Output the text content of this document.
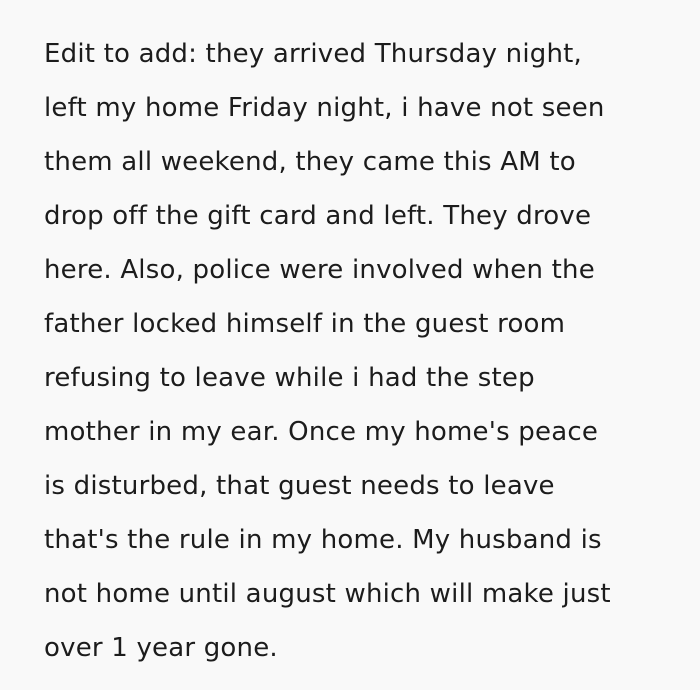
Edit to add: they arrived Thursday night,
left my home Friday night, i have not seen
them all weekend, they came this AM to
drop off the gift card and left. They drove
here. Also, police were involved when the
father locked himself in the guest room
refusing to leave while i had the step
mother in my ear. Once my home's peace
is disturbed, that guest needs to leave
that's the rule in my home. My husband is
not home until august which will make just
over 1 year gone.
